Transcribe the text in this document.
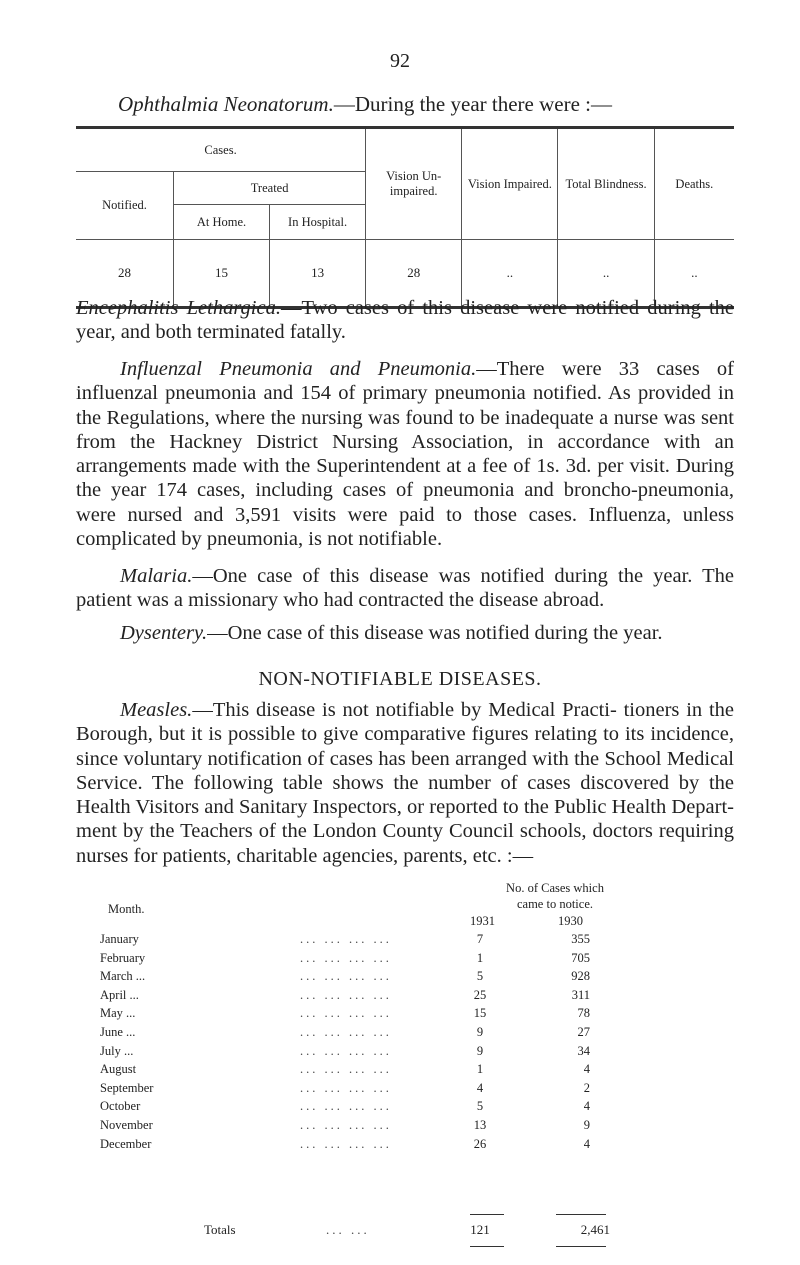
92
Ophthalmia Neonatorum.—During the year there were :—
Cases.			Vision Un- impaired.	Vision Impaired.	Total Blindness.	Deaths.
Notified.	Treated					
	At Home.	In Hospital.				
28	15	13	28	..	..	..
Encephalitis Lethargica.—Two cases of this disease were notified during the year, and both terminated fatally.
Influenzal Pneumonia and Pneumonia.—There were 33 cases of influenzal pneumonia and 154 of primary pneumonia notified. As provided in the Regulations, where the nursing was found to be inadequate a nurse was sent from the Hackney District Nursing Association, in accordance with an arrangements made with the Superintendent at a fee of 1s. 3d. per visit. During the year 174 cases, including cases of pneumonia and broncho-pneumonia, were nursed and 3,591 visits were paid to those cases. Influenza, unless complicated by pneumonia, is not notifiable.
Malaria.—One case of this disease was notified during the year. The patient was a missionary who had contracted the disease abroad.
Dysentery.—One case of this disease was notified during the year.
NON-NOTIFIABLE DISEASES.
Measles.—This disease is not notifiable by Medical Practi- tioners in the Borough, but it is possible to give comparative figures relating to its incidence, since voluntary notification of cases has been arranged with the School Medical Service. The following table shows the number of cases discovered by the Health Visitors and Sanitary Inspectors, or reported to the Public Health Depart- ment by the Teachers of the London County Council schools, doctors requiring nurses for patients, charitable agencies, parents, etc. :—
Month.
No. of Cases which
came to notice.
1931	1930
January	... ... ... ...	7	355
February	... ... ... ...	1	705
March ...	... ... ... ...	5	928
April ...	... ... ... ...	25	311
May ...	... ... ... ...	15	78
June ...	... ... ... ...	9	27
July ...	... ... ... ...	9	34
August	... ... ... ...	1	4
September	... ... ... ...	4	2
October	... ... ... ...	5	4
November	... ... ... ...	13	9
December	... ... ... ...	26	4
Totals	... ...	121	2,461
